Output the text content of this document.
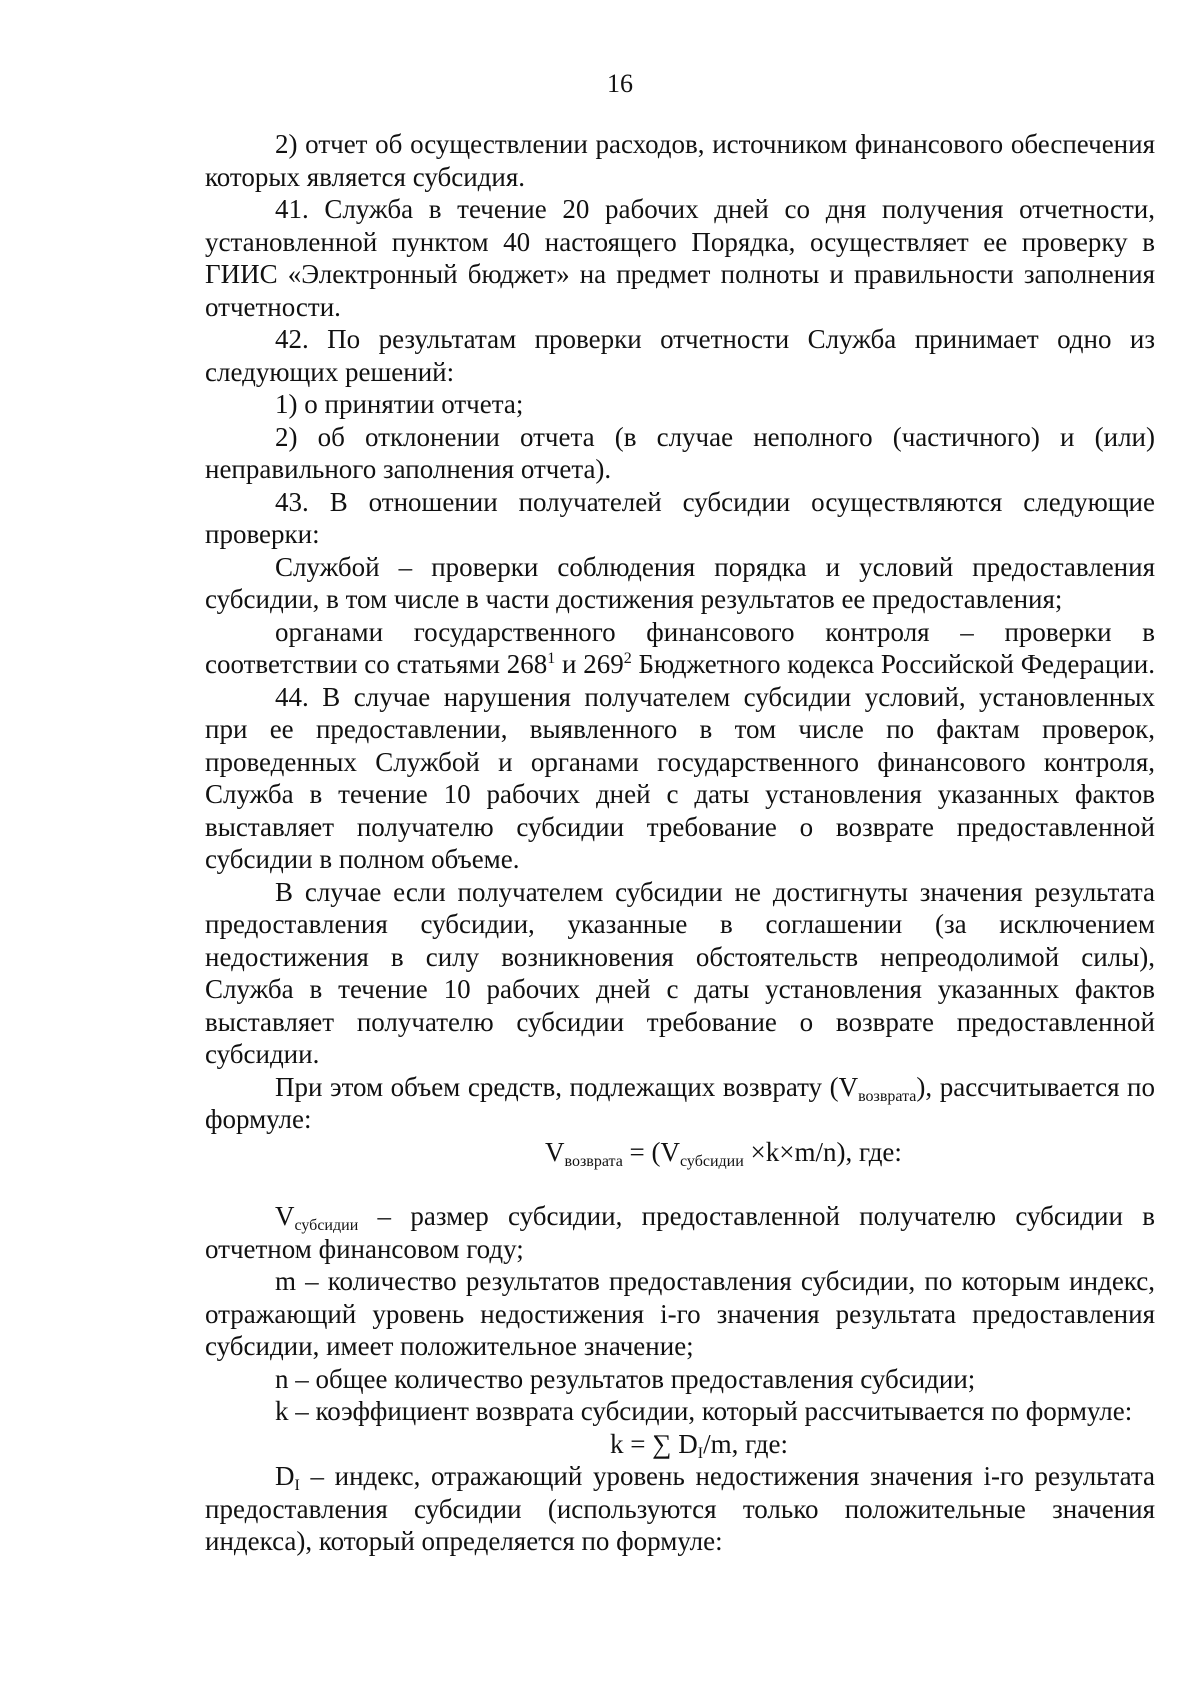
16

2) отчет об осуществлении расходов, источником финансового обеспечения которых является субсидия.

41. Служба в течение 20 рабочих дней со дня получения отчетности, установленной пунктом 40 настоящего Порядка, осуществляет ее проверку в ГИИС «Электронный бюджет» на предмет полноты и правильности заполнения отчетности.

42. По результатам проверки отчетности Служба принимает одно из следующих решений:

1) о принятии отчета;

2) об отклонении отчета (в случае неполного (частичного) и (или) неправильного заполнения отчета).

43. В отношении получателей субсидии осуществляются следующие проверки:

Службой – проверки соблюдения порядка и условий предоставления субсидии, в том числе в части достижения результатов ее предоставления;

органами государственного финансового контроля – проверки в соответствии со статьями $268^1$ и $269^2$ Бюджетного кодекса Российской Федерации.

44. В случае нарушения получателем субсидии условий, установленных при ее предоставлении, выявленного в том числе по фактам проверок, проведенных Службой и органами государственного финансового контроля, Служба в течение 10 рабочих дней с даты установления указанных фактов выставляет получателю субсидии требование о возврате предоставленной субсидии в полном объеме.

В случае если получателем субсидии не достигнуты значения результата предоставления субсидии, указанные в соглашении (за исключением недостижения в силу возникновения обстоятельств непреодолимой силы), Служба в течение 10 рабочих дней с даты установления указанных фактов выставляет получателю субсидии требование о возврате предоставленной субсидии.

При этом объем средств, подлежащих возврату $(V_{возврата})$, рассчитывается по формуле:

$V_{возврата} = (V_{субсидии} \times k\times m/n)$, где:

$V_{субсидии}$ – размер субсидии, предоставленной получателю субсидии в отчетном финансовом году;

m – количество результатов предоставления субсидии, по которым индекс, отражающий уровень недостижения i-го значения результата предоставления субсидии, имеет положительное значение;

n – общее количество результатов предоставления субсидии;

k – коэффициент возврата субсидии, который рассчитывается по формуле:

k = ∑ $D_I/m$, где:

$D_I$ – индекс, отражающий уровень недостижения значения i-го результата предоставления субсидии (используются только положительные значения индекса), который определяется по формуле:
